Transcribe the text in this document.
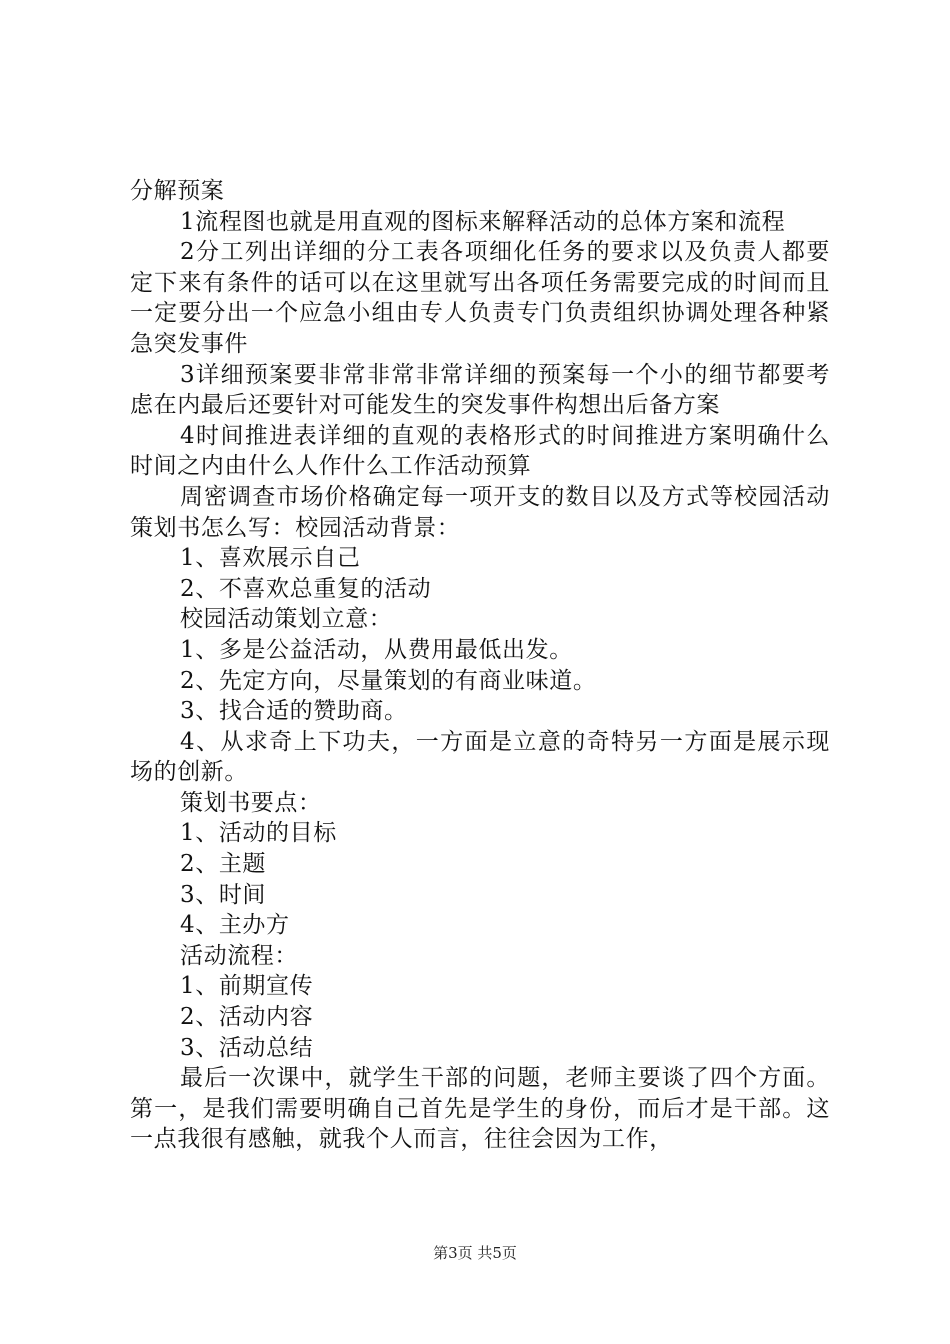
分解预案

1流程图也就是用直观的图标来解释活动的总体方案和流程

2分工列出详细的分工表各项细化任务的要求以及负责人都要定下来有条件的话可以在这里就写出各项任务需要完成的时间而且一定要分出一个应急小组由专人负责专门负责组织协调处理各种紧急突发事件

3详细预案要非常非常非常详细的预案每一个小的细节都要考虑在内最后还要针对可能发生的突发事件构想出后备方案

4时间推进表详细的直观的表格形式的时间推进方案明确什么时间之内由什么人作什么工作活动预算

周密调查市场价格确定每一项开支的数目以及方式等校园活动策划书怎么写：校园活动背景：

1、喜欢展示自己

2、不喜欢总重复的活动

校园活动策划立意：

1、多是公益活动，从费用最低出发。

2、先定方向，尽量策划的有商业味道。

3、找合适的赞助商。

4、从求奇上下功夫，一方面是立意的奇特另一方面是展示现场的创新。

策划书要点：

1、活动的目标

2、主题

3、时间

4、主办方

活动流程：

1、前期宣传

2、活动内容

3、活动总结

最后一次课中，就学生干部的问题，老师主要谈了四个方面。第一，是我们需要明确自己首先是学生的身份，而后才是干部。这一点我很有感触，就我个人而言，往往会因为工作，

第3页 共5页
